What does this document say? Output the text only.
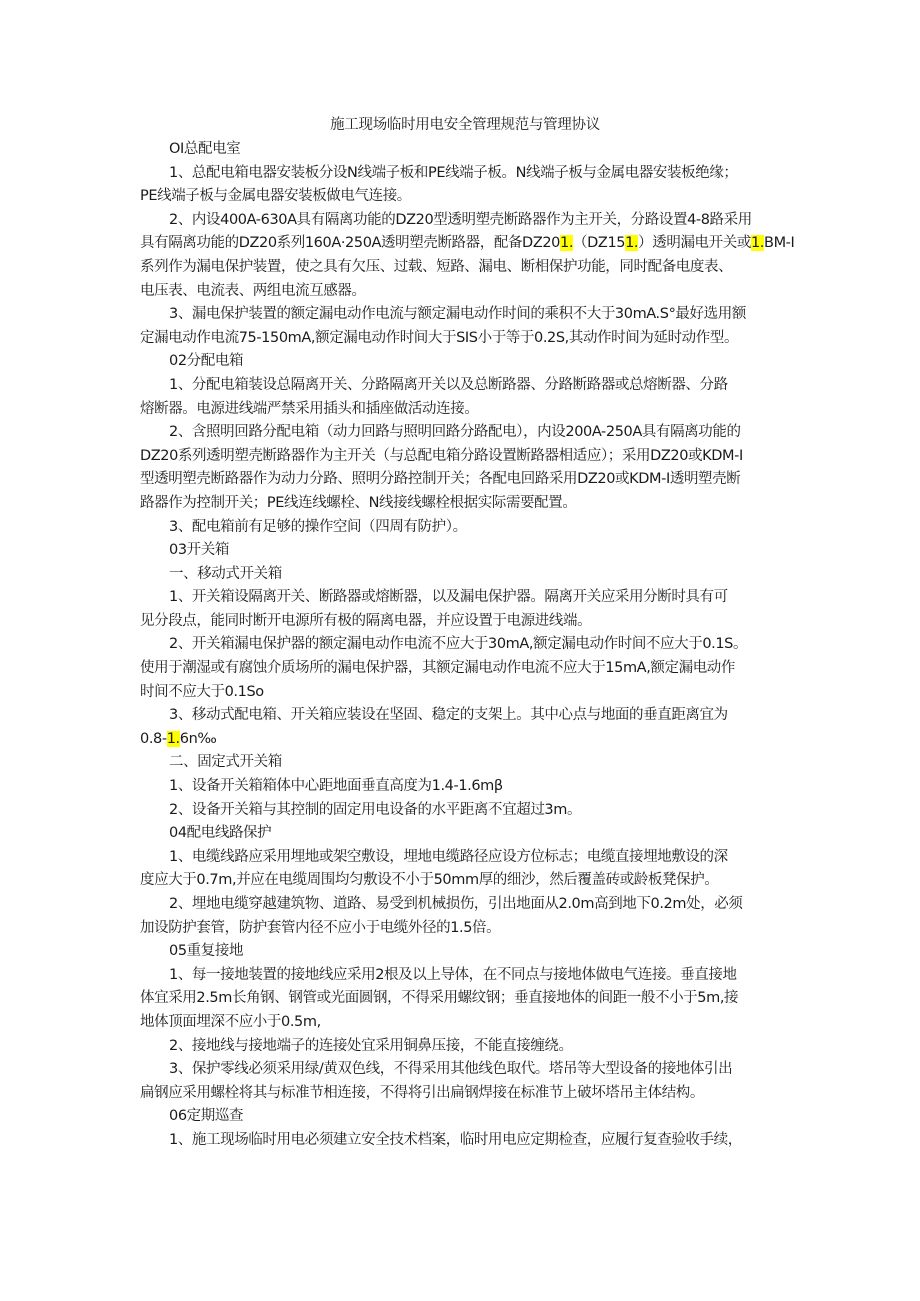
施工现场临时用电安全管理规范与管理协议

OI总配电室

1、总配电箱电器安装板分设N线端子板和PE线端子板。N线端子板与金属电器安装板绝缘；

PE线端子板与金属电器安装板做电气连接。

2、内设400A-630A具有隔离功能的DZ20型透明塑壳断路器作为主开关，分路设置4-8路采用

具有隔离功能的DZ20系列160A·250A透明塑壳断路器，配备DZ201.（DZ151.）透明漏电开关或1.BM-I

系列作为漏电保护装置，使之具有欠压、过载、短路、漏电、断相保护功能，同时配备电度表、

电压表、电流表、两组电流互感器。

3、漏电保护装置的额定漏电动作电流与额定漏电动作时间的乘积不大于30mA.S°最好选用额

定漏电动作电流75-150mA,额定漏电动作时间大于SIS小于等于0.2S,其动作时间为延时动作型。

02分配电箱

1、分配电箱装设总隔离开关、分路隔离开关以及总断路器、分路断路器或总熔断器、分路

熔断器。电源进线端严禁采用插头和插座做活动连接。

2、含照明回路分配电箱（动力回路与照明回路分路配电），内设200A-250A具有隔离功能的

DZ20系列透明塑壳断路器作为主开关（与总配电箱分路设置断路器相适应）；采用DZ20或KDM-I

型透明塑壳断路器作为动力分路、照明分路控制开关；各配电回路采用DZ20或KDM-I透明塑壳断

路器作为控制开关；PE线连线螺栓、N线接线螺栓根据实际需要配置。

3、配电箱前有足够的操作空间（四周有防护）。

03开关箱

一、移动式开关箱

1、开关箱设隔离开关、断路器或熔断器，以及漏电保护器。隔离开关应采用分断时具有可

见分段点，能同时断开电源所有极的隔离电器，并应设置于电源进线端。

2、开关箱漏电保护器的额定漏电动作电流不应大于30mA,额定漏电动作时间不应大于0.1S。

使用于潮湿或有腐蚀介质场所的漏电保护器，其额定漏电动作电流不应大于15mA,额定漏电动作

时间不应大于0.1So

3、移动式配电箱、开关箱应装设在坚固、稳定的支架上。其中心点与地面的垂直距离宜为

0.8-1.6n‰

二、固定式开关箱

1、设备开关箱箱体中心距地面垂直高度为1.4-1.6mβ

2、设备开关箱与其控制的固定用电设备的水平距离不宜超过3m。

04配电线路保护

1、电缆线路应采用埋地或架空敷设，埋地电缆路径应设方位标志；电缆直接埋地敷设的深

度应大于0.7m,并应在电缆周围均匀敷设不小于50mm厚的细沙，然后覆盖砖或龄板凳保护。

2、埋地电缆穿越建筑物、道路、易受到机械损伤，引出地面从2.0m高到地下0.2m处，必须

加设防护套管，防护套管内径不应小于电缆外径的1.5倍。

05重复接地

1、每一接地装置的接地线应采用2根及以上导体，在不同点与接地体做电气连接。垂直接地

体宜采用2.5m长角钢、钢管或光面圆钢，不得采用螺纹钢；垂直接地体的间距一般不小于5m,接

地体顶面埋深不应小于0.5m,

2、接地线与接地端子的连接处宜采用铜鼻压接，不能直接缠绕。

3、保护零线必须采用绿/黄双色线，不得采用其他线色取代。塔吊等大型设备的接地体引出

扁钢应采用螺栓将其与标准节相连接，不得将引出扁钢焊接在标准节上破坏塔吊主体结构。

06定期巡查

1、施工现场临时用电必须建立安全技术档案，临时用电应定期检查，应履行复查验收手续，
